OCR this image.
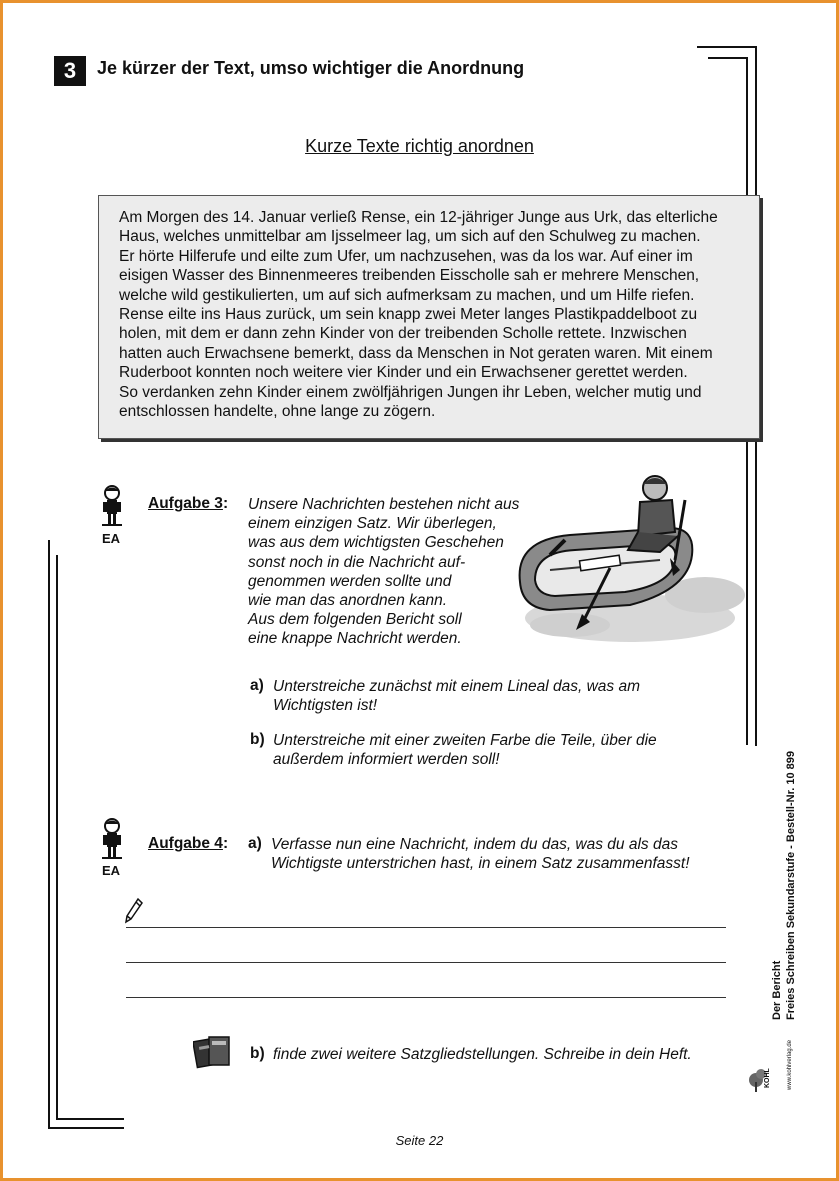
3	Je kürzer der Text, umso wichtiger die Anordnung
Kurze Texte richtig anordnen
Am Morgen des 14. Januar verließ Rense, ein 12-jähriger Junge aus Urk, das elterliche
Haus, welches unmittelbar am Ijsselmeer lag, um sich auf den Schulweg zu machen.
Er hörte Hilferufe und eilte zum Ufer, um nachzusehen, was da los war. Auf einer im
eisigen Wasser des Binnenmeeres treibenden Eisscholle sah er mehrere Menschen,
welche wild gestikulierten, um auf sich aufmerksam zu machen, und um Hilfe riefen.
Rense eilte ins Haus zurück, um sein knapp zwei Meter langes Plastikpaddelboot zu
holen, mit dem er dann zehn Kinder von der treibenden Scholle rettete. Inzwischen
hatten auch Erwachsene bemerkt, dass da Menschen in Not geraten waren. Mit einem
Ruderboot konnten noch weitere vier Kinder und ein Erwachsener gerettet werden.
So verdanken zehn Kinder einem zwölfjährigen Jungen ihr Leben, welcher mutig und
entschlossen handelte, ohne lange zu zögern.
EA
Aufgabe 3: Unsere Nachrichten bestehen nicht aus
einem einzigen Satz. Wir überlegen,
was aus dem wichtigsten Geschehen
sonst noch in die Nachricht auf-
genommen werden sollte und
wie man das anordnen kann.
Aus dem folgenden Bericht soll
eine knappe Nachricht werden.
a) Unterstreiche zunächst mit einem Lineal das, was am
Wichtigsten ist!
b) Unterstreiche mit einer zweiten Farbe die Teile, über die
außerdem informiert werden soll!
EA
Aufgabe 4: a) Verfasse nun eine Nachricht, indem du das, was du als das
Wichtigste unterstrichen hast, in einem Satz zusammenfasst!
b) finde zwei weitere Satzgliedstellungen. Schreibe in dein Heft.
Der Bericht Freies Schreiben Sekundarstufe - Bestell-Nr. 10 899
KOHL	www.kohlverlag.de
Seite 22
